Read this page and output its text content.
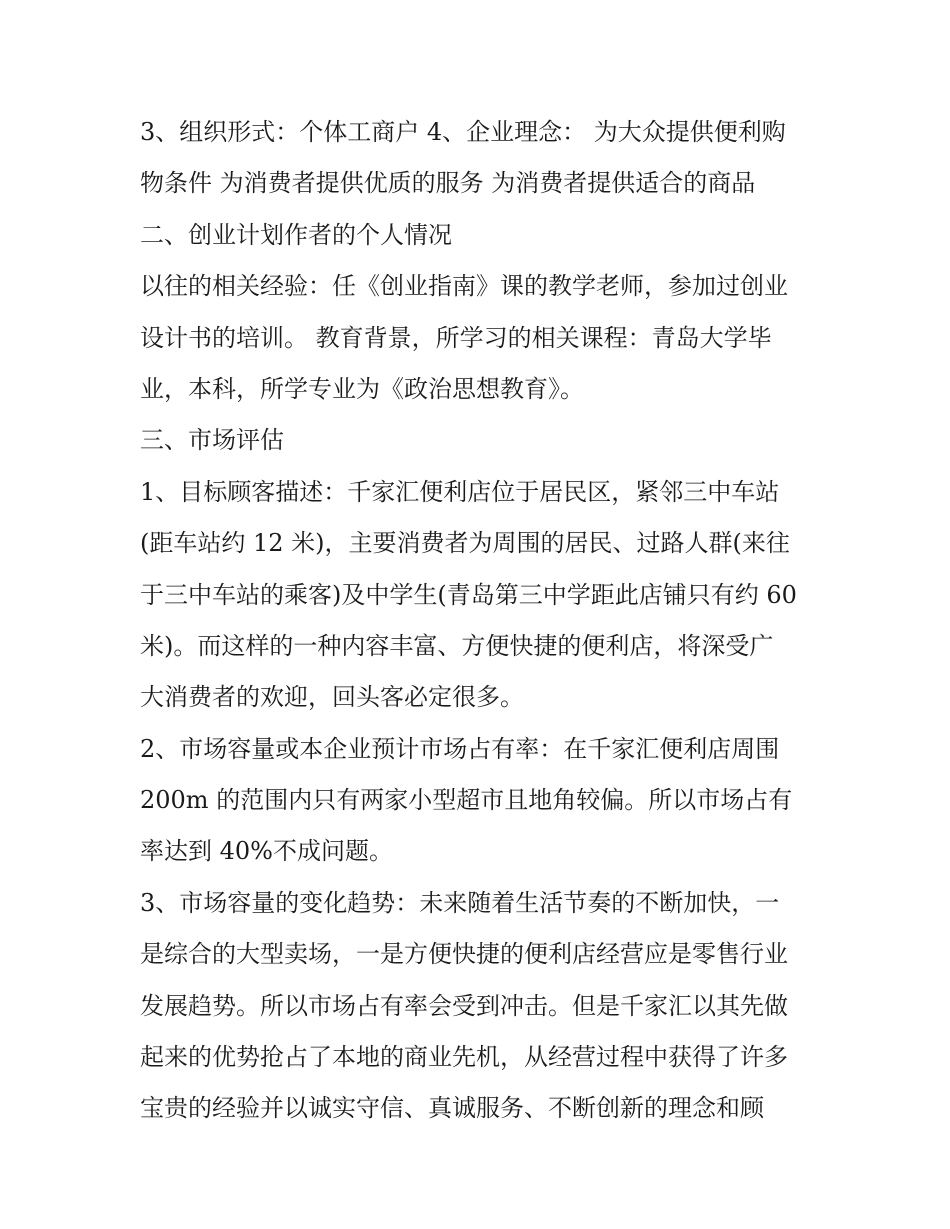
3、组织形式：个体工商户 4、企业理念： 为大众提供便利购
物条件 为消费者提供优质的服务 为消费者提供适合的商品
二、创业计划作者的个人情况
以往的相关经验：任《创业指南》课的教学老师，参加过创业
设计书的培训。 教育背景，所学习的相关课程：青岛大学毕
业，本科，所学专业为《政治思想教育》。
三、市场评估
1、目标顾客描述：千家汇便利店位于居民区，紧邻三中车站
(距车站约 12 米)，主要消费者为周围的居民、过路人群(来往
于三中车站的乘客)及中学生(青岛第三中学距此店铺只有约 60
米)。而这样的一种内容丰富、方便快捷的便利店，将深受广
大消费者的欢迎，回头客必定很多。
2、市场容量或本企业预计市场占有率：在千家汇便利店周围
200m 的范围内只有两家小型超市且地角较偏。所以市场占有
率达到 40%不成问题。
3、市场容量的变化趋势：未来随着生活节奏的不断加快，一
是综合的大型卖场，一是方便快捷的便利店经营应是零售行业
发展趋势。所以市场占有率会受到冲击。但是千家汇以其先做
起来的优势抢占了本地的商业先机，从经营过程中获得了许多
宝贵的经验并以诚实守信、真诚服务、不断创新的理念和顾
